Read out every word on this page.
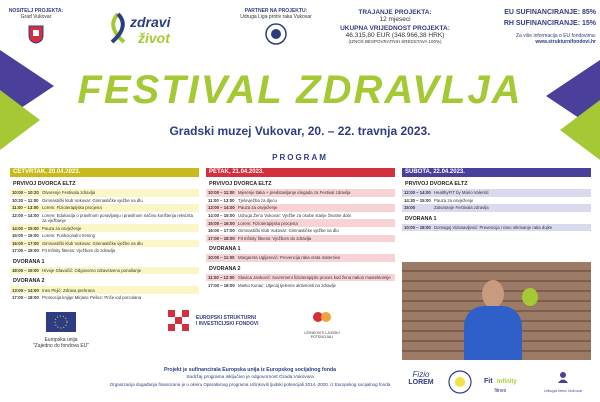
NOSITELJ PROJEKTA:
Grad Vukovar	zdravi
život
PARTNER NA PROJEKTU:
Udruga Liga protiv raka Vukovar
TRAJANJE PROJEKTA:
12 mjeseci
UKUPNA VRIJEDNOST PROJEKTA:
46.315,80 EUR (348.966,38 HRK)
(IZNOS BESPOVRATNIH SREDSTAVA 100%)
EU SUFINANCIRANJE: 85%
RH SUFINANCIRANJE: 15%
Za više informacija o EU fondovima:
www.strukturnifondovi.hr
FESTIVAL ZDRAVLJA
Gradski muzej Vukovar, 20. – 22. travnja 2023.
PROGRAM
ČETVRTAK, 20.04.2023.
PRVIVOJ DVORCA ELTZ
10:00 – 10:20 Otvorenje Festivala zdravlja
10:20 – 11:00 Gimnastički klub Vukovar: Gimnastičke vježbe na dlu
11:00 – 13:00 Lorem: Fizioterapijska procjena
12:00 – 14:00 Lorem: Edukacija o pravilnom poravljanju i pravilnom načinu korištenja rekvizita za vježbanje
14:00 – 15:00 Pauza za osvježenje
15:00 – 16:00 Lorem: Funkcionalni trening
16:00 – 17:00 Gimnastički klub Vukovar: Gimnastičke vježbe na dlu
17:00 – 18:00 Fit Infinity fitness: Vježbom do zdravlja
DVORANA 1
18:00 – 19:00 Hrvoje Glavačić: Odgovorno zdravstveno ponašanje
DVORANA 2
13:00 – 14:00 Ines Pejić: Zdrava prehrana
17:00 – 18:00 Promocija knjige Mirjane Pešec: Priče iod porculana
PETAK, 21.04.2023.
PRVIVOJ DVORCA ELTZ
10:00 – 11:00 Mjerenje tlaka + predstavljanje idegada za Festival zdravlja
11:00 – 13:00 Tjelovježba za djecu
13:00 – 14:00 Pauza za osvježenje
14:00 – 15:00 Udruga Ženo Vukovar: Vježbe za osobe starije životne dobi
15:00 – 16:00 Lorem: Fizioterapijska procjena
16:00 – 17:00 Gimnastički klub Vukovar: Gimnastičke vježbe na dlu
17:00 – 18:00 Fit Infinity fitness: Vježbom do zdravlja
DVORANA 1
10:00 – 11:00 Margareta Ugljarević: Prevencija raka vrata maternice
DVORANA 2
11:00 – 12:00 Slavica Janković: Suvremeni fizioterapijski proces kod žena nakon mastektomije
17:00 – 18:00 Marko Kunac: Utjecaj tjelesne aktivnosti na zdravlje
SUBOTA, 22.04.2023.
PRVIVOJ DVORCA ELTZ
12:00 – 14:00 HealthyFIT by Mario Valentić
14:30 – 15:00 Pauza za osvježenje
15:00	Zatvaranje Festivala zdravlja
DVORANA 1
10:00 – 18:00 Domagoj Vidosavljević: Prevencija i rano otkrivanje raka dojke
Europska unija
"Zajedno do fondova EU"
EUROPSKI STRUKTURNI
I INVESTICIJSKI FONDOVI
UČINKOVITI LJUDSKI POTENCIJALI
Projekt je sufinancirala Europska unija iz Europskog socijalnog fonda
Sadržaj programa isključivo je odgovornost Grada Vukovara
Organizacija događanja financirana je u okviru Operativnog programa Učinkoviti ljudski potencijali 2014.-2020. iz Europskog socijalnog fonda
Fizio
LOREM	Fit Infinity
fitnes	Udruga žena Vukovar
